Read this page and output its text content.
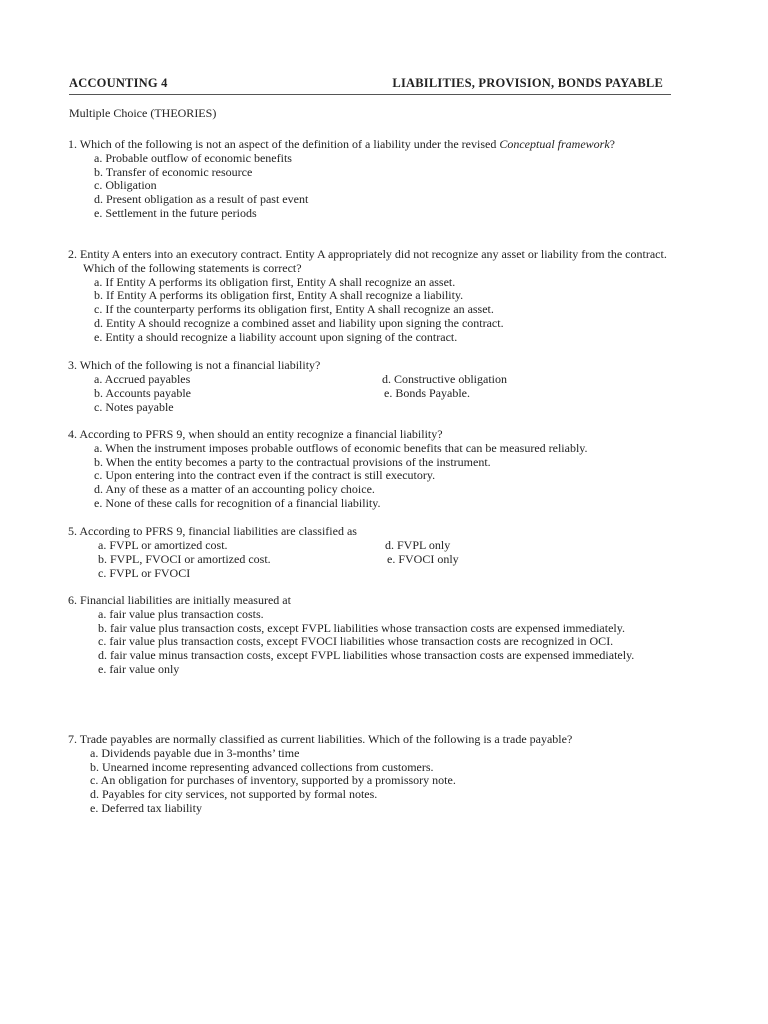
ACCOUNTING 4	LIABILITIES, PROVISION, BONDS PAYABLE
Multiple Choice (THEORIES)
1. Which of the following is not an aspect of the definition of a liability under the revised Conceptual framework?
a. Probable outflow of economic benefits
b. Transfer of economic resource
c. Obligation
d. Present obligation as a result of past event
e. Settlement in the future periods
2. Entity A enters into an executory contract. Entity A appropriately did not recognize any asset or liability from the contract. Which of the following statements is correct?
a. If Entity A performs its obligation first, Entity A shall recognize an asset.
b. If Entity A performs its obligation first, Entity A shall recognize a liability.
c. If the counterparty performs its obligation first, Entity A shall recognize an asset.
d. Entity A should recognize a combined asset and liability upon signing the contract.
e. Entity a should recognize a liability account upon signing of the contract.
3. Which of the following is not a financial liability?
a. Accrued payables
b. Accounts payable
c. Notes payable
d. Constructive obligation
e. Bonds Payable.
4. According to PFRS 9, when should an entity recognize a financial liability?
a. When the instrument imposes probable outflows of economic benefits that can be measured reliably.
b. When the entity becomes a party to the contractual provisions of the instrument.
c. Upon entering into the contract even if the contract is still executory.
d. Any of these as a matter of an accounting policy choice.
e. None of these calls for recognition of a financial liability.
5. According to PFRS 9, financial liabilities are classified as
a. FVPL or amortized cost.
b. FVPL, FVOCI or amortized cost.
c. FVPL or FVOCI
d. FVPL only
e. FVOCI only
6. Financial liabilities are initially measured at
a. fair value plus transaction costs.
b. fair value plus transaction costs, except FVPL liabilities whose transaction costs are expensed immediately.
c. fair value plus transaction costs, except FVOCI liabilities whose transaction costs are recognized in OCI.
d. fair value minus transaction costs, except FVPL liabilities whose transaction costs are expensed immediately.
e. fair value only
7. Trade payables are normally classified as current liabilities. Which of the following is a trade payable?
a. Dividends payable due in 3-months’ time
b. Unearned income representing advanced collections from customers.
c. An obligation for purchases of inventory, supported by a promissory note.
d. Payables for city services, not supported by formal notes.
e. Deferred tax liability
